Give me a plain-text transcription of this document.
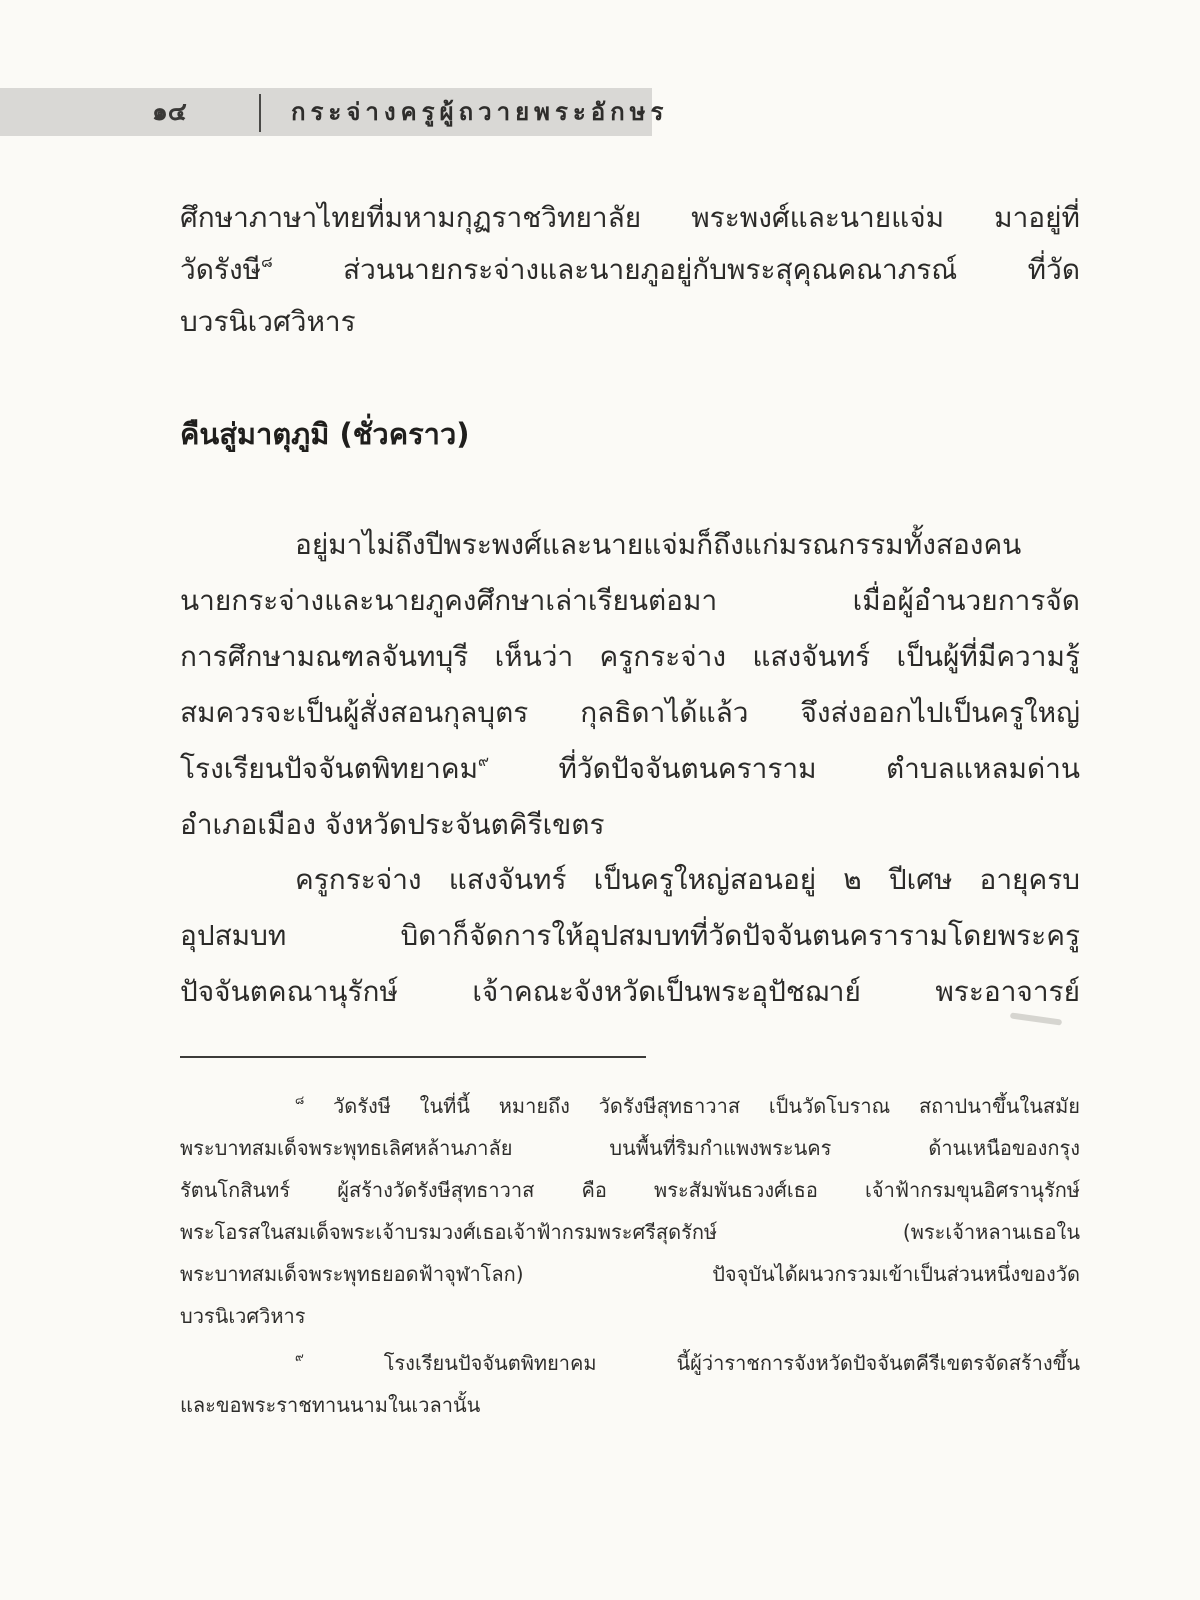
๑๔	กระจ่างครูผู้ถวายพระอักษร
ศึกษาภาษาไทยที่มหามกุฏราชวิทยาลัย พระพงศ์และนายแจ่ม มาอยู่ที่
วัดรังษี$^๘$ ส่วนนายกระจ่างและนายภูอยู่กับพระสุคุณคณาภรณ์ ที่วัด
บวรนิเวศวิหาร
คืนสู่มาตุภูมิ (ชั่วคราว)
อยู่มาไม่ถึงปีพระพงศ์และนายแจ่มก็ถึงแก่มรณกรรมทั้งสองคน
นายกระจ่างและนายภูคงศึกษาเล่าเรียนต่อมา เมื่อผู้อำนวยการจัด
การศึกษามณฑลจันทบุรี เห็นว่า ครูกระจ่าง แสงจันทร์ เป็นผู้ที่มีความรู้
สมควรจะเป็นผู้สั่งสอนกุลบุตร กุลธิดาได้แล้ว จึงส่งออกไปเป็นครูใหญ่
โรงเรียนปัจจันตพิทยาคม$^๙$ ที่วัดปัจจันตนคราราม ตำบลแหลมด่าน
อำเภอเมือง จังหวัดประจันตคิรีเขตร
ครูกระจ่าง แสงจันทร์ เป็นครูใหญ่สอนอยู่ ๒ ปีเศษ อายุครบ
อุปสมบท บิดาก็จัดการให้อุปสมบทที่วัดปัจจันตนครารามโดยพระครู
ปัจจันตคณานุรักษ์ เจ้าคณะจังหวัดเป็นพระอุปัชฌาย์ พระอาจารย์
$^๘$ วัดรังษี ในที่นี้ หมายถึง วัดรังษีสุทธาวาส เป็นวัดโบราณ สถาปนาขึ้นในสมัย
พระบาทสมเด็จพระพุทธเลิศหล้านภาลัย บนพื้นที่ริมกำแพงพระนคร ด้านเหนือของกรุง
รัตนโกสินทร์ ผู้สร้างวัดรังษีสุทธาวาส คือ พระสัมพันธวงศ์เธอ เจ้าฟ้ากรมขุนอิศรานุรักษ์
พระโอรสในสมเด็จพระเจ้าบรมวงศ์เธอเจ้าฟ้ากรมพระศรีสุดรักษ์ (พระเจ้าหลานเธอใน
พระบาทสมเด็จพระพุทธยอดฟ้าจุฬาโลก) ปัจจุบันได้ผนวกรวมเข้าเป็นส่วนหนึ่งของวัด
บวรนิเวศวิหาร
$^๙$ โรงเรียนปัจจันตพิทยาคม นี้ผู้ว่าราชการจังหวัดปัจจันตคีรีเขตรจัดสร้างขึ้น
และขอพระราชทานนามในเวลานั้น
